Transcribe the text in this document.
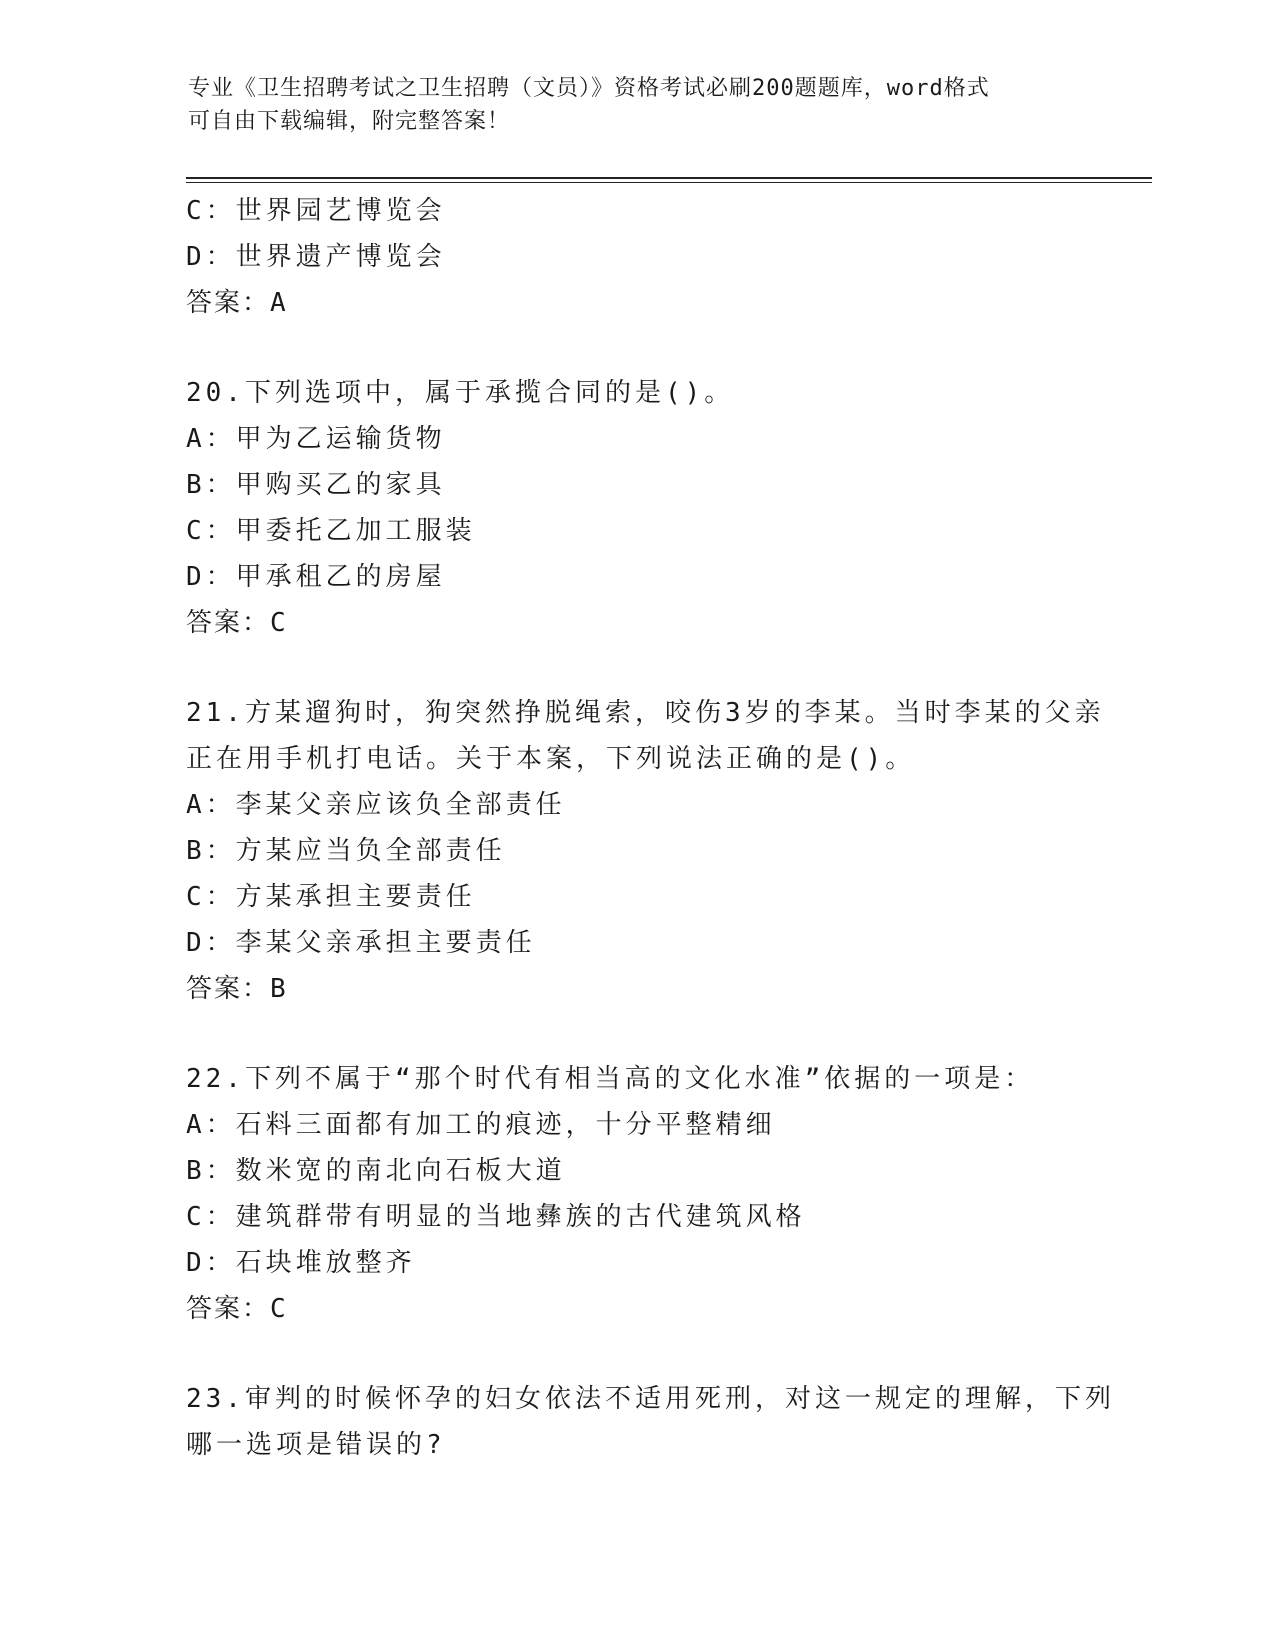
专业《卫生招聘考试之卫生招聘（文员）》资格考试必刷200题题库，word格式
可自由下载编辑，附完整答案！
C：世界园艺博览会
D：世界遗产博览会
答案：A
20.下列选项中，属于承揽合同的是()。
A：甲为乙运输货物
B：甲购买乙的家具
C：甲委托乙加工服装
D：甲承租乙的房屋
答案：C
21.方某遛狗时，狗突然挣脱绳索，咬伤3岁的李某。当时李某的父亲
正在用手机打电话。关于本案，下列说法正确的是()。
A：李某父亲应该负全部责任
B：方某应当负全部责任
C：方某承担主要责任
D：李某父亲承担主要责任
答案：B
22.下列不属于“那个时代有相当高的文化水准”依据的一项是：
A：石料三面都有加工的痕迹，十分平整精细
B：数米宽的南北向石板大道
C：建筑群带有明显的当地彝族的古代建筑风格
D：石块堆放整齐
答案：C
23.审判的时候怀孕的妇女依法不适用死刑，对这一规定的理解，下列
哪一选项是错误的?
